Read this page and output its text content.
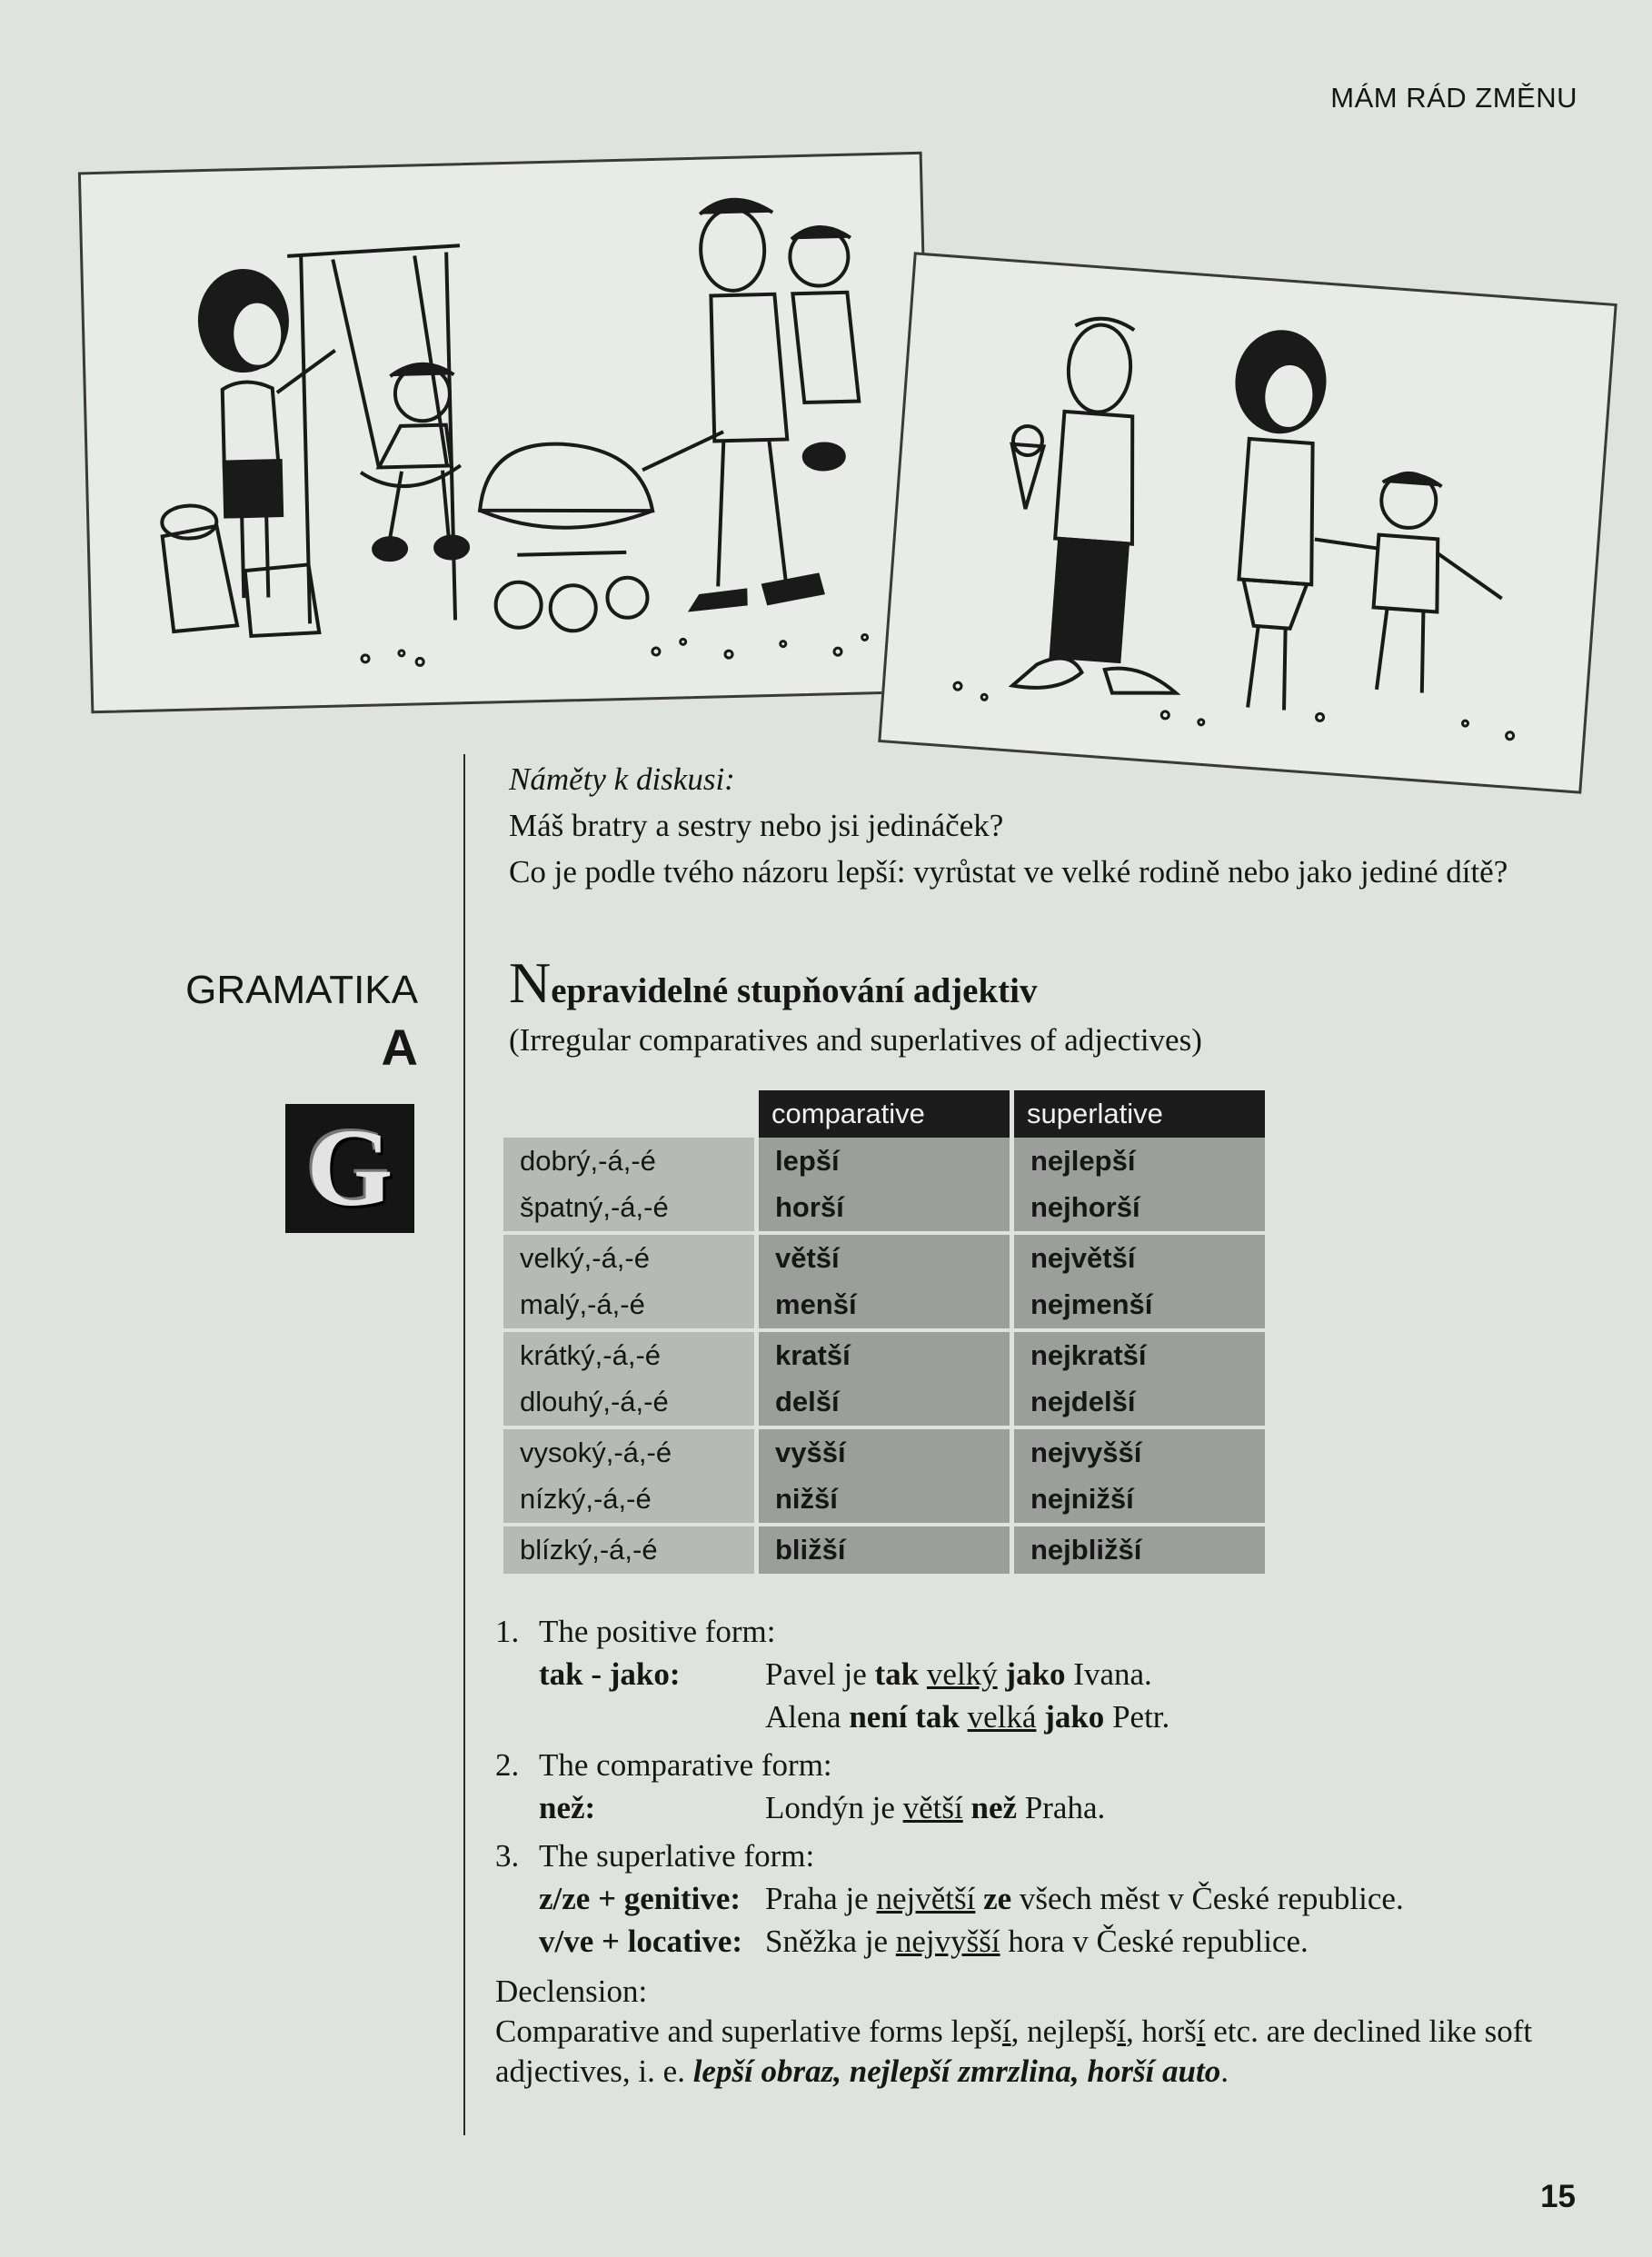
MÁM RÁD ZMĚNU
Náměty k diskusi:
Máš bratry a sestry nebo jsi jedináček?
Co je podle tvého názoru lepší: vyrůstat ve velké rodině nebo jako jediné dítě?
GRAMATIKA
A
G
Nepravidelné stupňování adjektiv
(Irregular comparatives and superlatives of adjectives)
	comparative	superlative
dobrý,-á,-é	lepší	nejlepší
špatný,-á,-é	horší	nejhorší
velký,-á,-é	větší	největší
malý,-á,-é	menší	nejmenší
krátký,-á,-é	kratší	nejkratší
dlouhý,-á,-é	delší	nejdelší
vysoký,-á,-é	vyšší	nejvyšší
nízký,-á,-é	nižší	nejnižší
blízký,-á,-é	bližší	nejbližší
1. The positive form:
tak - jako:	Pavel je tak velký jako Ivana.
Alena není tak velká jako Petr.
2. The comparative form:
než:	Londýn je větší než Praha.
3. The superlative form:
z/ze + genitive: Praha je největší ze všech měst v České republice.
v/ve + locative: Sněžka je nejvyšší hora v České republice.
Declension:
Comparative and superlative forms lepší, nejlepší, horší etc. are declined like soft adjectives, i. e. lepší obraz, nejlepší zmrzlina, horší auto.
15
